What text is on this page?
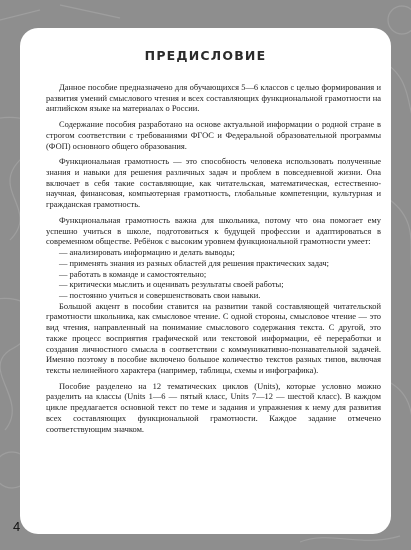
ПРЕДИСЛОВИЕ

Данное пособие предназначено для обучающихся 5—6 классов с целью формирования и развития умений смыслового чтения и всех составляющих функциональной грамотности на английском языке на материалах о России.

Содержание пособия разработано на основе актуальной информации о родной стране в строгом соответствии с требованиями ФГОС и Федеральной образовательной программы (ФОП) основного общего образования.

Функциональная грамотность — это способность человека использовать полученные знания и навыки для решения различных задач и проблем в повседневной жизни. Она включает в себя такие составляющие, как читательская, математическая, естественно-научная, финансовая, компьютерная грамотность, глобальные компетенции, культурная и гражданская грамотность.

Функциональная грамотность важна для школьника, потому что она помогает ему успешно учиться в школе, подготовиться к будущей профессии и адаптироваться в современном обществе. Ребёнок с высоким уровнем функциональной грамотности умеет:

— анализировать информацию и делать выводы;

— применять знания из разных областей для решения практических задач;

— работать в команде и самостоятельно;

— критически мыслить и оценивать результаты своей работы;

— постоянно учиться и совершенствовать свои навыки.

Большой акцент в пособии ставится на развитии такой составляющей читательской грамотности школьника, как смысловое чтение. С одной стороны, смысловое чтение — это вид чтения, направленный на понимание смыслового содержания текста. С другой, это также процесс восприятия графической или текстовой информации, её переработки и создания личностного смысла в соответствии с коммуникативно-познавательной задачей. Именно поэтому в пособие включено большое количество текстов разных типов, включая тексты нелинейного характера (например, таблицы, схемы и инфографика).

Пособие разделено на 12 тематических циклов (Units), которые условно можно разделить на классы (Units 1—6 — пятый класс, Units 7—12 — шестой класс). В каждом цикле предлагается основной текст по теме и задания и упражнения к нему для развития всех составляющих функциональной грамотности. Каждое задание отмечено соответствующим значком.

4
